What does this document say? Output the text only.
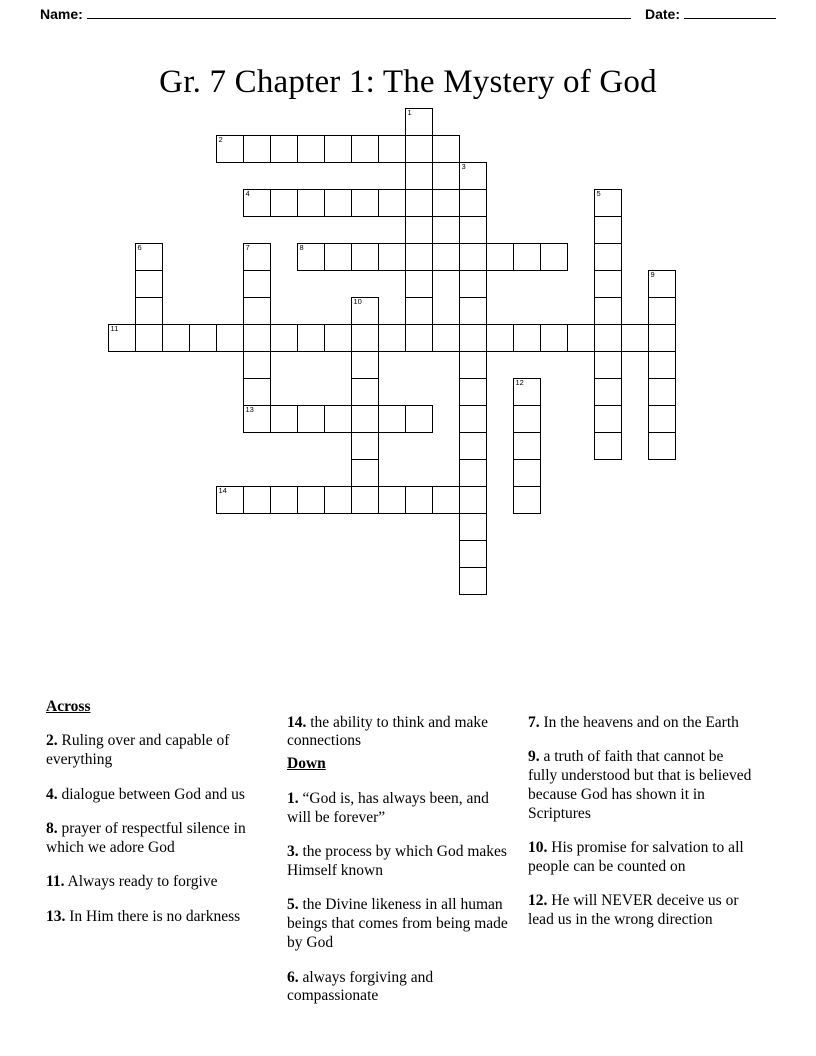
Name:	Date:
Gr. 7 Chapter 1: The Mystery of God
1
2
3
4	5
6	7	8
9
10
11
12
13
14
Across

2. Ruling over and capable of everything

4. dialogue between God and us

8. prayer of respectful silence in which we adore God

11. Always ready to forgive

13. In Him there is no darkness

14. the ability to think and make connections

Down

1. “God is, has always been, and will be forever”

3. the process by which God makes Himself known

5. the Divine likeness in all human beings that comes from being made by God

6. always forgiving and compassionate

7. In the heavens and on the Earth

9. a truth of faith that cannot be fully understood but that is believed because God has shown it in Scriptures

10. His promise for salvation to all people can be counted on

12. He will NEVER deceive us or lead us in the wrong direction
